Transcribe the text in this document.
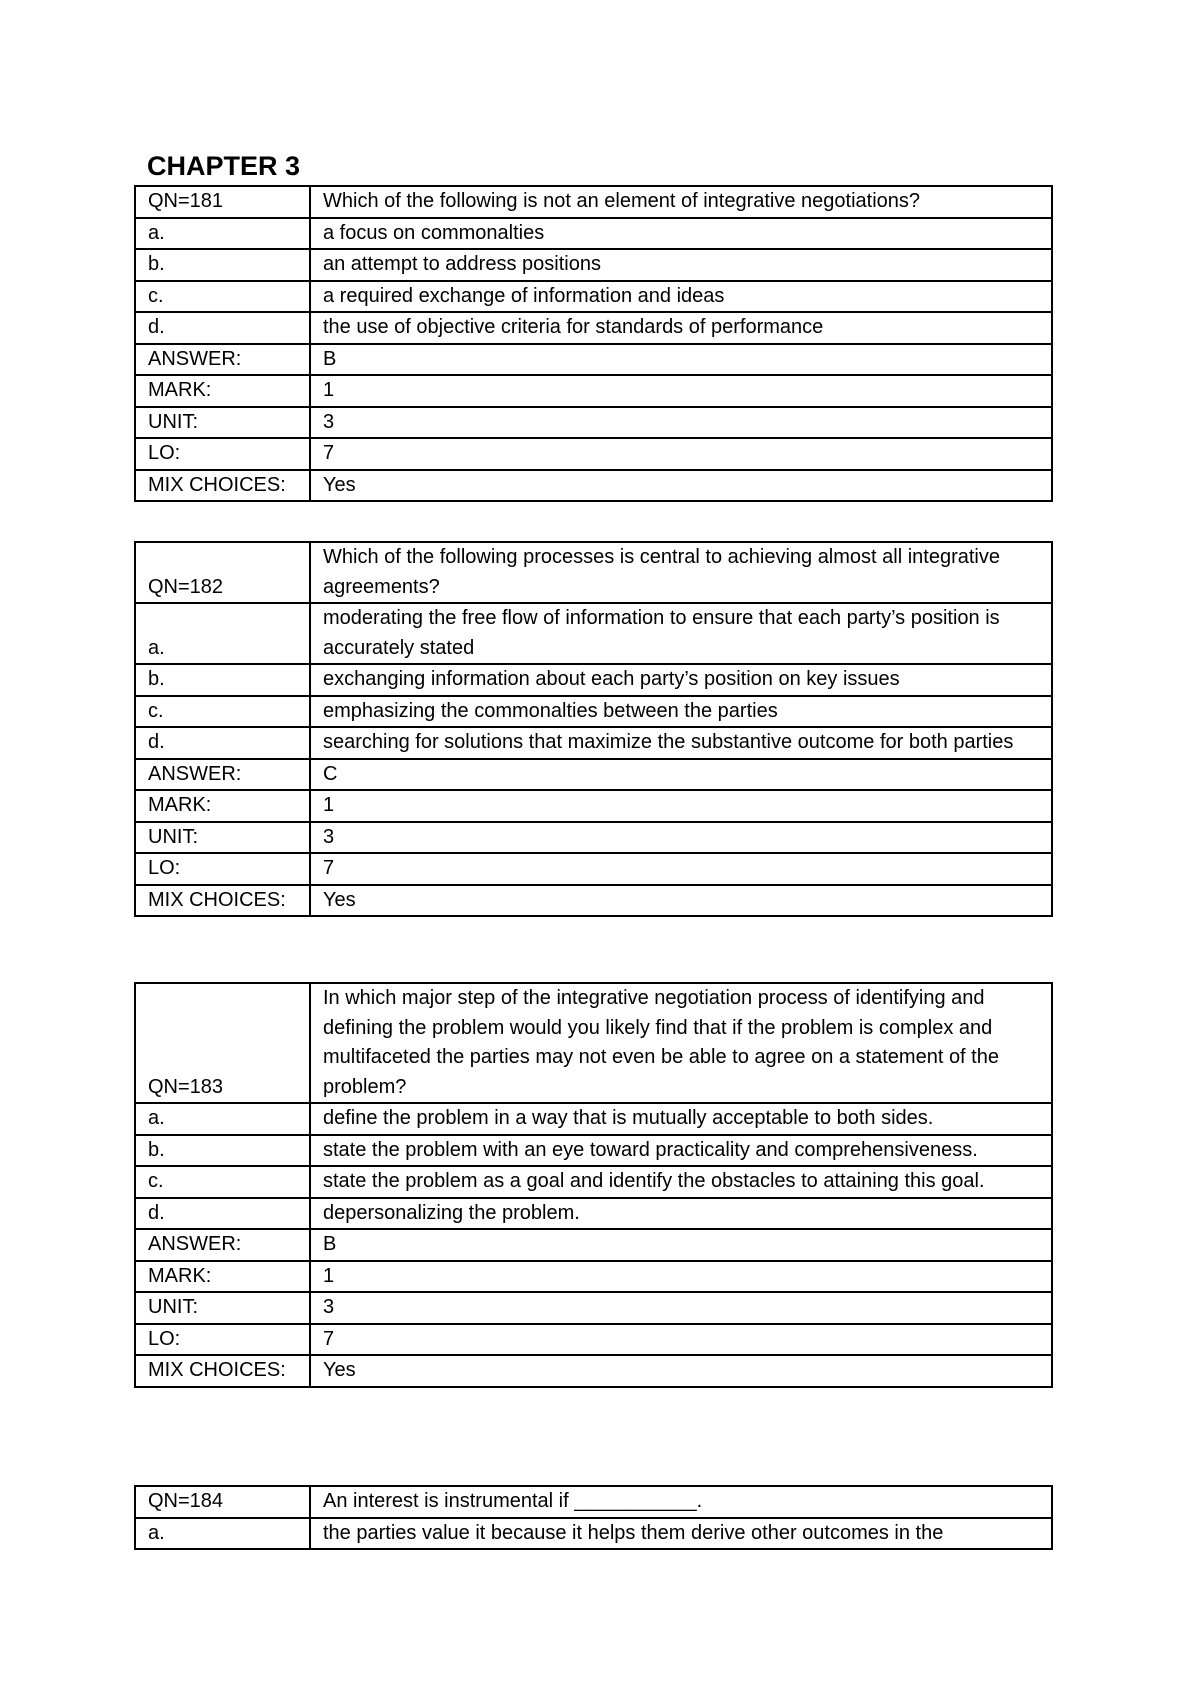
CHAPTER 3
QN=181	Which of the following is not an element of integrative negotiations?
a.	a focus on commonalties
b.	an attempt to address positions
c.	a required exchange of information and ideas
d.	the use of objective criteria for standards of performance
ANSWER:	B
MARK:	1
UNIT:	3
LO:	7
MIX CHOICES:	Yes
QN=182	Which of the following processes is central to achieving almost all integrative agreements?
a.	moderating the free flow of information to ensure that each party’s position is accurately stated
b.	exchanging information about each party’s position on key issues
c.	emphasizing the commonalties between the parties
d.	searching for solutions that maximize the substantive outcome for both parties
ANSWER:	C
MARK:	1
UNIT:	3
LO:	7
MIX CHOICES:	Yes
QN=183	In which major step of the integrative negotiation process of identifying and defining the problem would you likely find that if the problem is complex and multifaceted the parties may not even be able to agree on a statement of the problem?
a.	define the problem in a way that is mutually acceptable to both sides.
b.	state the problem with an eye toward practicality and comprehensiveness.
c.	state the problem as a goal and identify the obstacles to attaining this goal.
d.	depersonalizing the problem.
ANSWER:	B
MARK:	1
UNIT:	3
LO:	7
MIX CHOICES:	Yes
QN=184	An interest is instrumental if ___________.
a.	the parties value it because it helps them derive other outcomes in the
